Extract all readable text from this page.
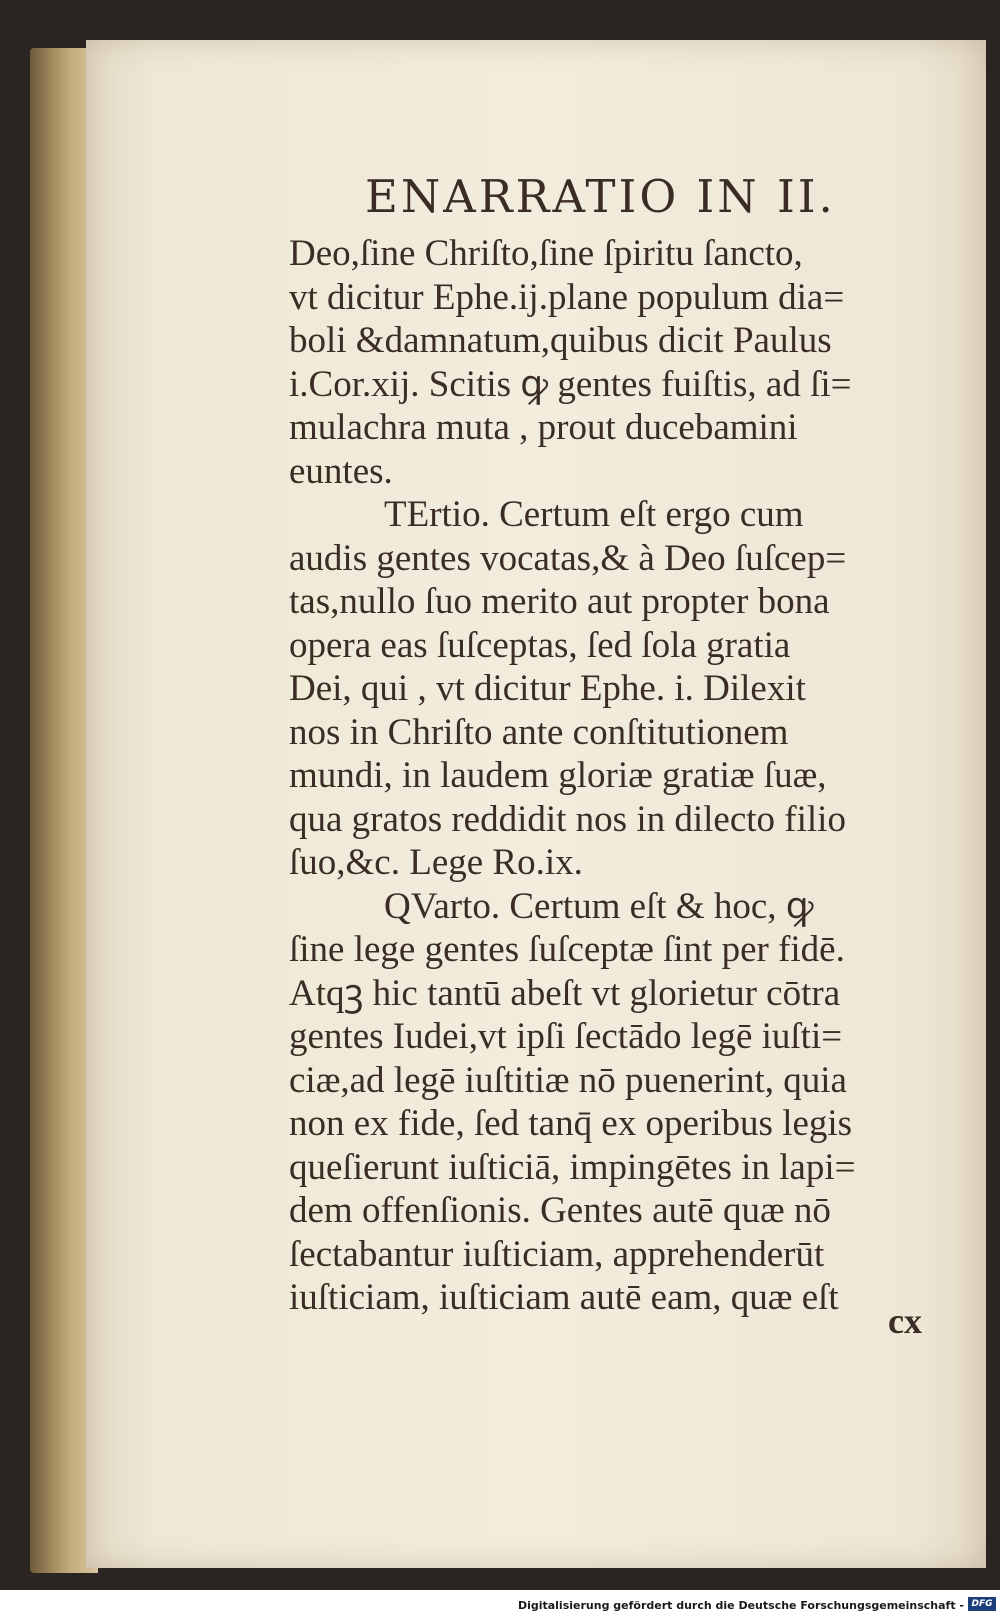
ENARRATIO IN II.
Deo,ſine Chriſto,ſine ſpiritu ſancto,
vt dicitur Ephe.ij.plane populum dia=
boli &damnatum,quibus dicit Paulus
i.Cor.xij. Scitis ꝙ gentes fuiſtis, ad ſi=
mulachra muta , prout ducebamini
euntes.
TErtio. Certum eſt ergo cum
audis gentes vocatas,& à Deo ſuſcep=
tas,nullo ſuo merito aut propter bona
opera eas ſuſceptas, ſed ſola gratia
Dei, qui , vt dicitur Ephe. i. Dilexit
nos in Chriſto ante conſtitutionem
mundi, in laudem gloriæ gratiæ ſuæ,
qua gratos reddidit nos in dilecto filio
ſuo,&c. Lege Ro.ix.
QVarto. Certum eſt & hoc, ꝙ
ſine lege gentes ſuſceptæ ſint per fidē.
Atqꝫ hic tantū abeſt vt glorietur cōtra
gentes Iudei,vt ipſi ſectādo legē iuſti=
ciæ,ad legē iuſtitiæ nō puenerint, quia
non ex fide, ſed tanq̄ ex operibus legis
queſierunt iuſticiā, impingētes in lapi=
dem offenſionis. Gentes autē quæ nō
ſectabantur iuſticiam, apprehenderūt
iuſticiam, iuſticiam autē eam, quæ eſt
cx
Digitalisierung gefördert durch die Deutsche Forschungsgemeinschaft - DFG
